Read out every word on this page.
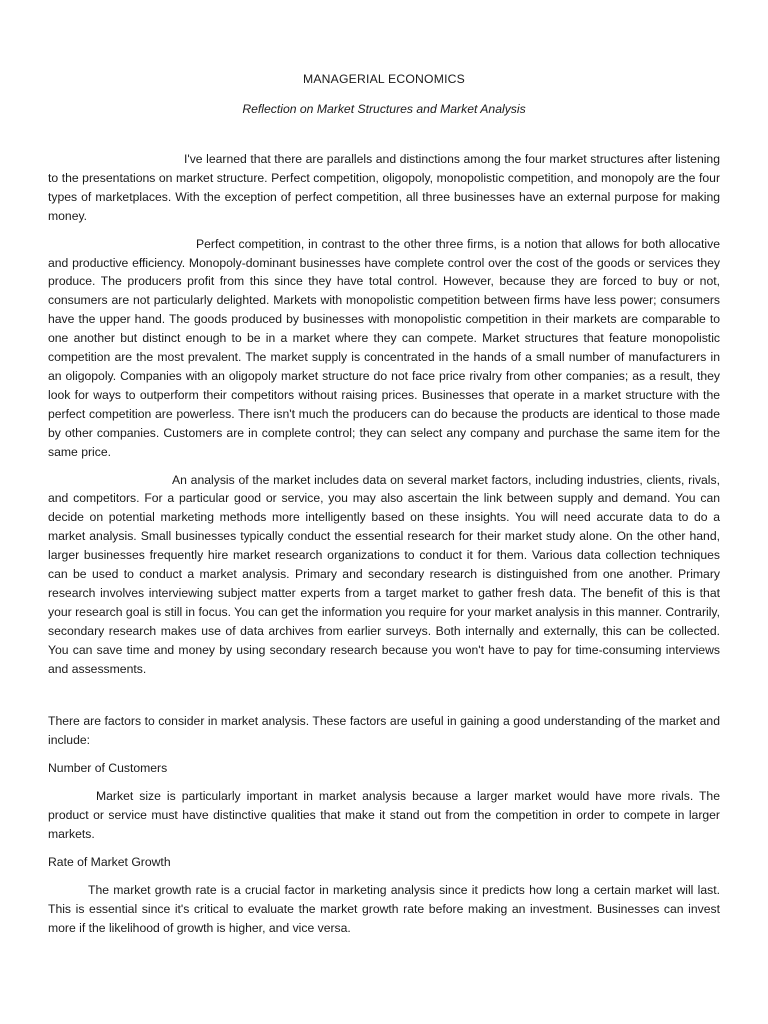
MANAGERIAL ECONOMICS

Reflection on Market Structures and Market Analysis

I've learned that there are parallels and distinctions among the four market structures after listening to the presentations on market structure. Perfect competition, oligopoly, monopolistic competition, and monopoly are the four types of marketplaces. With the exception of perfect competition, all three businesses have an external purpose for making money.

Perfect competition, in contrast to the other three firms, is a notion that allows for both allocative and productive efficiency. Monopoly-dominant businesses have complete control over the cost of the goods or services they produce. The producers profit from this since they have total control. However, because they are forced to buy or not, consumers are not particularly delighted. Markets with monopolistic competition between firms have less power; consumers have the upper hand. The goods produced by businesses with monopolistic competition in their markets are comparable to one another but distinct enough to be in a market where they can compete. Market structures that feature monopolistic competition are the most prevalent. The market supply is concentrated in the hands of a small number of manufacturers in an oligopoly. Companies with an oligopoly market structure do not face price rivalry from other companies; as a result, they look for ways to outperform their competitors without raising prices. Businesses that operate in a market structure with the perfect competition are powerless. There isn't much the producers can do because the products are identical to those made by other companies. Customers are in complete control; they can select any company and purchase the same item for the same price.

An analysis of the market includes data on several market factors, including industries, clients, rivals, and competitors. For a particular good or service, you may also ascertain the link between supply and demand. You can decide on potential marketing methods more intelligently based on these insights. You will need accurate data to do a market analysis. Small businesses typically conduct the essential research for their market study alone. On the other hand, larger businesses frequently hire market research organizations to conduct it for them. Various data collection techniques can be used to conduct a market analysis. Primary and secondary research is distinguished from one another. Primary research involves interviewing subject matter experts from a target market to gather fresh data. The benefit of this is that your research goal is still in focus. You can get the information you require for your market analysis in this manner. Contrarily, secondary research makes use of data archives from earlier surveys. Both internally and externally, this can be collected. You can save time and money by using secondary research because you won't have to pay for time-consuming interviews and assessments.

There are factors to consider in market analysis. These factors are useful in gaining a good understanding of the market and include:

Number of Customers

Market size is particularly important in market analysis because a larger market would have more rivals. The product or service must have distinctive qualities that make it stand out from the competition in order to compete in larger markets.

Rate of Market Growth

The market growth rate is a crucial factor in marketing analysis since it predicts how long a certain market will last. This is essential since it's critical to evaluate the market growth rate before making an investment. Businesses can invest more if the likelihood of growth is higher, and vice versa.
